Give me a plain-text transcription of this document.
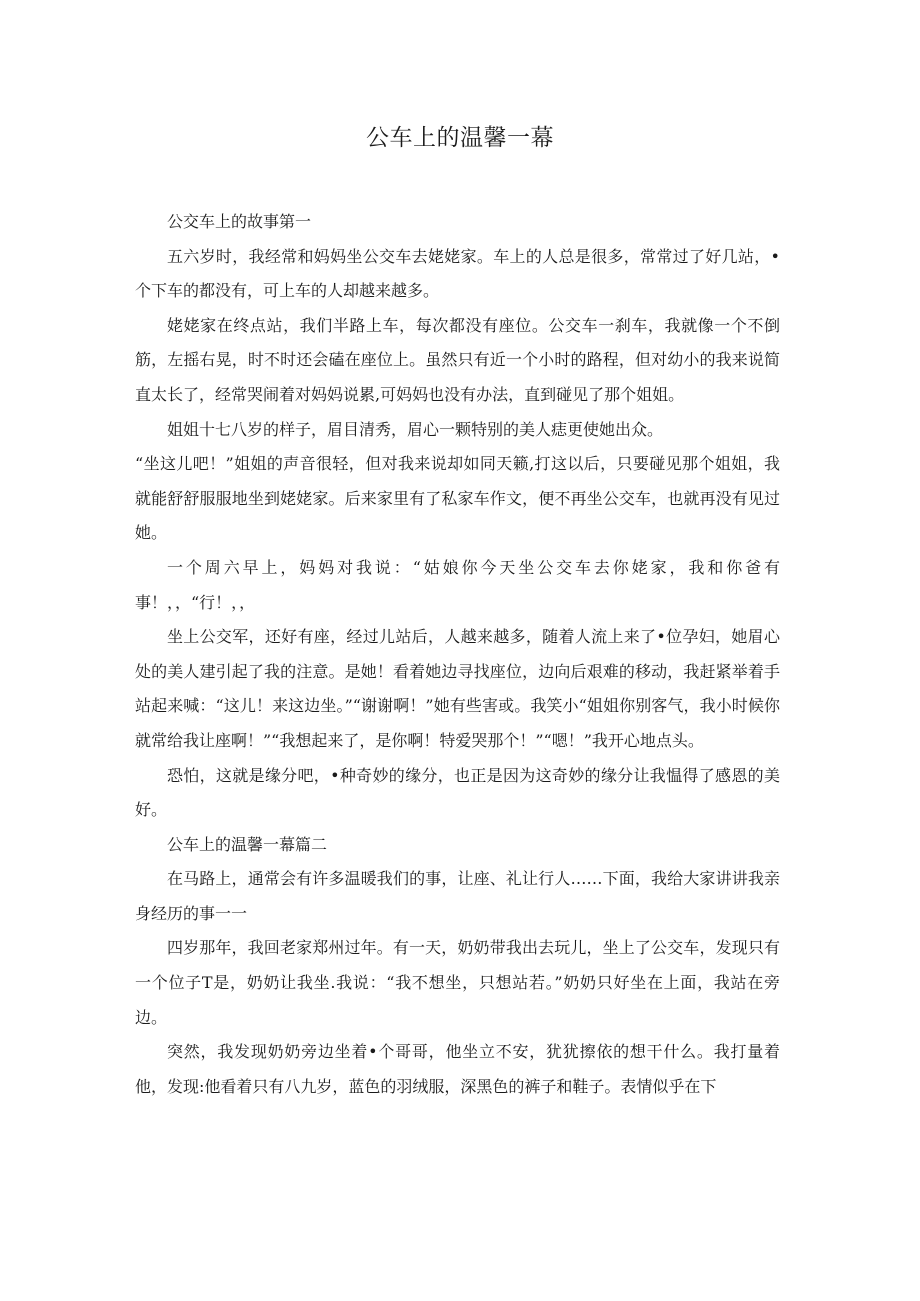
公车上的温馨一幕

公交车上的故事第一

五六岁时，我经常和妈妈坐公交车去姥姥家。车上的人总是很多，常常过了好几站，•个下车的都没有，可上车的人却越来越多。

姥姥家在终点站，我们半路上车，每次都没有座位。公交车一刹车，我就像一个不倒筋，左摇右晃，时不时还会磕在座位上。虽然只有近一个小时的路程，但对幼小的我来说简直太长了，经常哭闹着对妈妈说累,可妈妈也没有办法，直到碰见了那个姐姐。

姐姐十七八岁的样子，眉目清秀，眉心一颗特别的美人痣更使她出众。

“坐这儿吧！”姐姐的声音很轻，但对我来说却如同天籁,打这以后，只要碰见那个姐姐，我就能舒舒服服地坐到姥姥家。后来家里有了私家车作文，便不再坐公交车，也就再没有见过她。

一个周六早上，妈妈对我说：“姑娘你今天坐公交车去你姥家，我和你爸有事！，，“行！，，

坐上公交军，还好有座，经过儿站后，人越来越多，随着人流上来了•位孕妇，她眉心处的美人建引起了我的注意。是她！看着她边寻找座位，边向后艰难的移动，我赶紧举着手站起来喊：“这儿！来这边坐。”“谢谢啊！”她有些害或。我笑小“姐姐你别客气，我小时候你就常给我让座啊！”“我想起来了，是你啊！特爱哭那个！”“嗯！”我开心地点头。

恐怕，这就是缘分吧，•种奇妙的缘分，也正是因为这奇妙的缘分让我愠得了感恩的美好。

公车上的温馨一幕篇二

在马路上，通常会有许多温暖我们的事，让座、礼让行人……下面，我给大家讲讲我亲身经历的事一一

四岁那年，我回老家郑州过年。有一天，奶奶带我出去玩儿，坐上了公交车，发现只有一个位子T是，奶奶让我坐.我说：“我不想坐，只想站若。”奶奶只好坐在上面，我站在旁边。

突然，我发现奶奶旁边坐着•个哥哥，他坐立不安，犹犹擦依的想干什么。我打量着他，发现:他看着只有八九岁，蓝色的羽绒服，深黑色的裤子和鞋子。表情似乎在下
